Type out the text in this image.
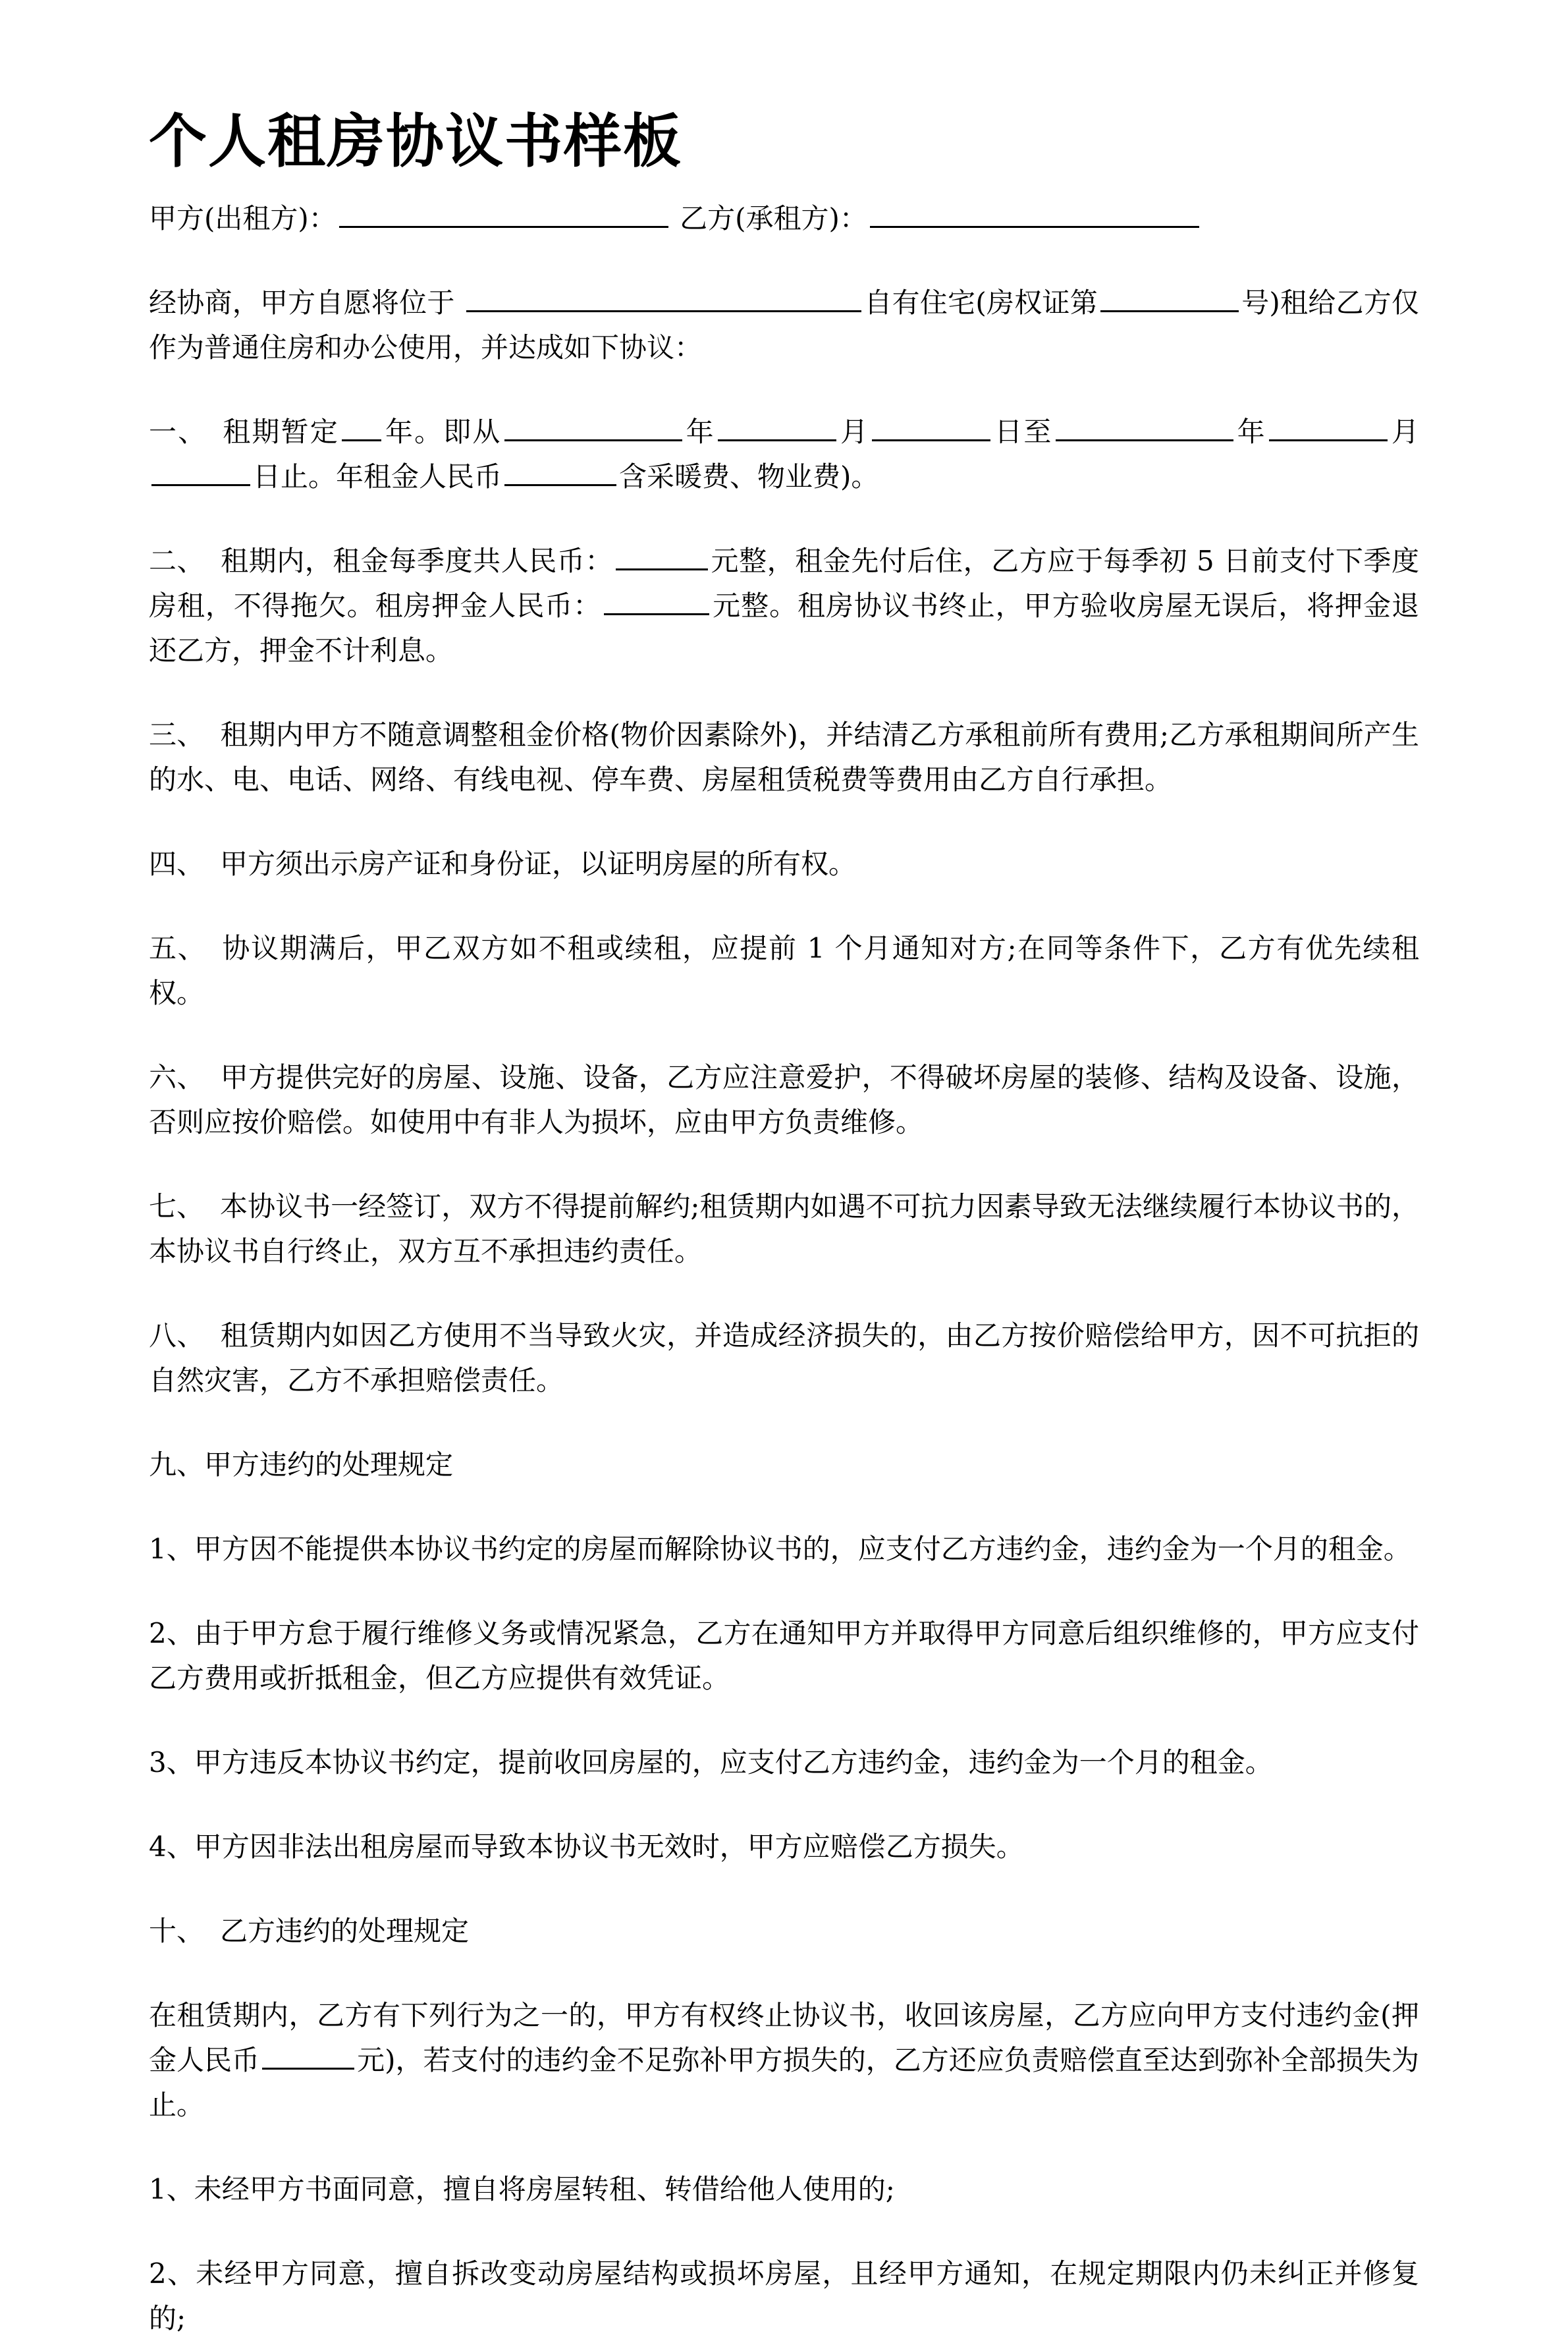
个人租房协议书样板

甲方(出租方)：	乙方(承租方)：

经协商，甲方自愿将位于	自有住宅(房权证第	号)租给乙方仅作为普通住房和办公使用，并达成如下协议：

一、 租期暂定 年。即从	年	月	日至	年	月日止。年租金人民币	含采暖费、物业费)。

二、 租期内，租金每季度共人民币：	元整，租金先付后住，乙方应于每季初 5 日前支付下季度房租，不得拖欠。租房押金人民币：	元整。租房协议书终止，甲方验收房屋无误后，将押金退还乙方，押金不计利息。

三、 租期内甲方不随意调整租金价格(物价因素除外)，并结清乙方承租前所有费用;乙方承租期间所产生的水、电、电话、网络、有线电视、停车费、房屋租赁税费等费用由乙方自行承担。

四、 甲方须出示房产证和身份证，以证明房屋的所有权。

五、 协议期满后，甲乙双方如不租或续租，应提前 1 个月通知对方;在同等条件下，乙方有优先续租权。

六、 甲方提供完好的房屋、设施、设备，乙方应注意爱护，不得破坏房屋的装修、结构及设备、设施，否则应按价赔偿。如使用中有非人为损坏，应由甲方负责维修。

七、 本协议书一经签订，双方不得提前解约;租赁期内如遇不可抗力因素导致无法继续履行本协议书的，本协议书自行终止，双方互不承担违约责任。

八、 租赁期内如因乙方使用不当导致火灾，并造成经济损失的，由乙方按价赔偿给甲方，因不可抗拒的自然灾害，乙方不承担赔偿责任。

九、甲方违约的处理规定

1、甲方因不能提供本协议书约定的房屋而解除协议书的，应支付乙方违约金，违约金为一个月的租金。

2、由于甲方怠于履行维修义务或情况紧急，乙方在通知甲方并取得甲方同意后组织维修的，甲方应支付乙方费用或折抵租金，但乙方应提供有效凭证。

3、甲方违反本协议书约定，提前收回房屋的，应支付乙方违约金，违约金为一个月的租金。

4、甲方因非法出租房屋而导致本协议书无效时，甲方应赔偿乙方损失。

十、 乙方违约的处理规定

在租赁期内，乙方有下列行为之一的，甲方有权终止协议书，收回该房屋，乙方应向甲方支付违约金(押金人民币	元)，若支付的违约金不足弥补甲方损失的，乙方还应负责赔偿直至达到弥补全部损失为止。

1、未经甲方书面同意，擅自将房屋转租、转借给他人使用的;

2、未经甲方同意，擅自拆改变动房屋结构或损坏房屋，且经甲方通知，在规定期限内仍未纠正并修复的;
